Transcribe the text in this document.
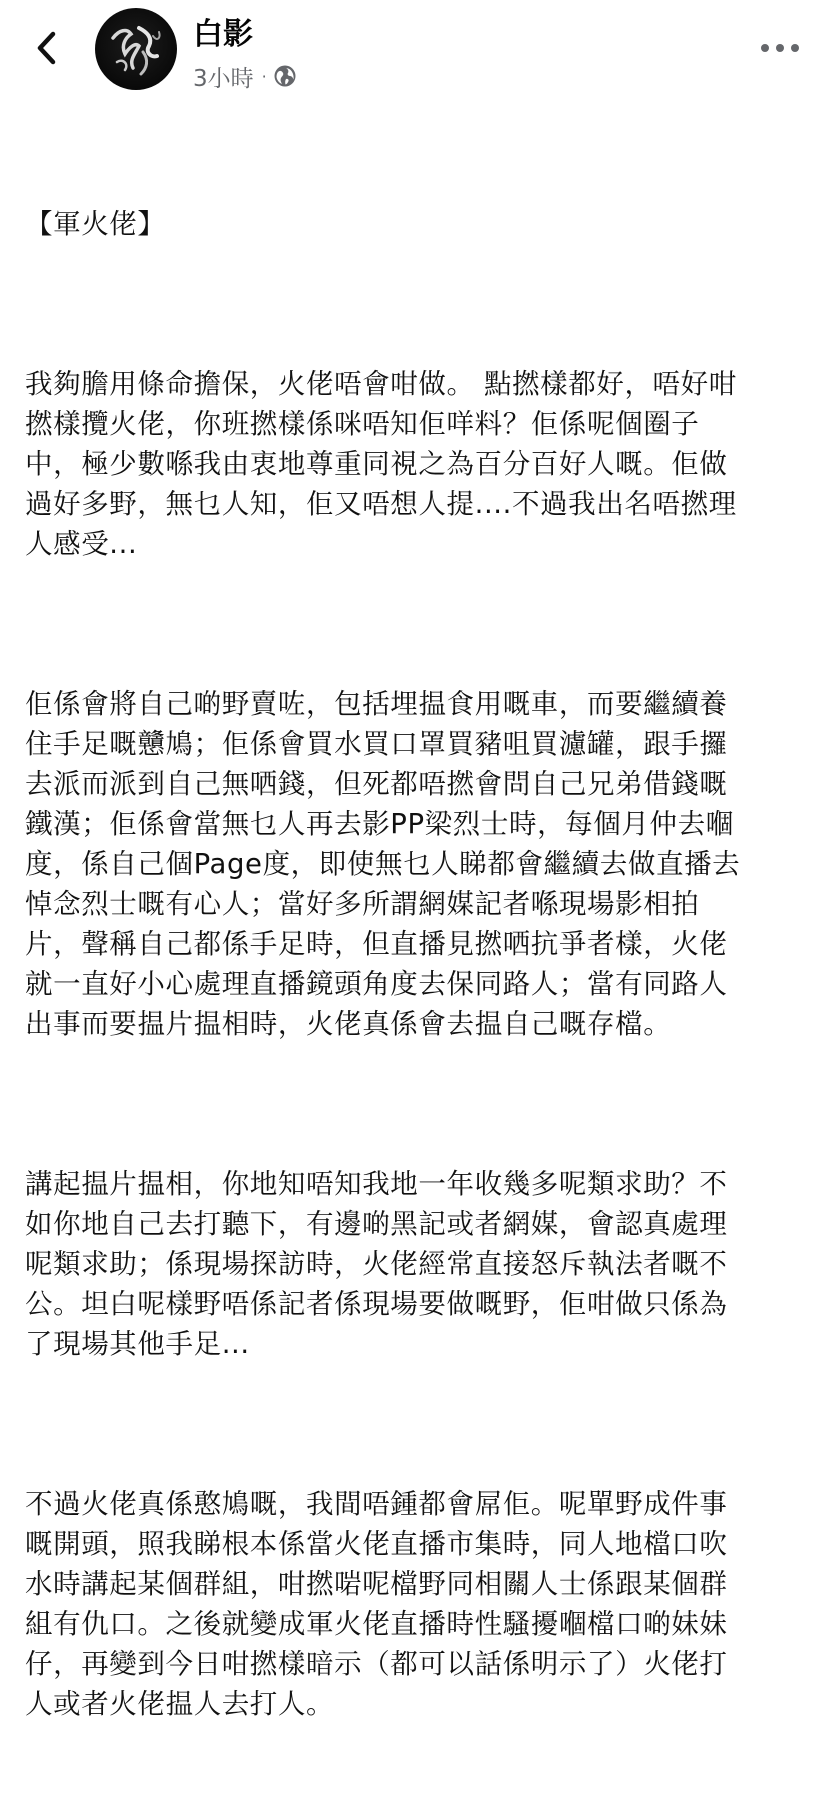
白影
3小時 ·

【軍火佬】

我夠膽用條命擔保，火佬唔會咁做。 點撚樣都好，唔好咁
撚樣攬火佬，你班撚樣係咪唔知佢咩料？佢係呢個圈子
中，極少數喺我由衷地尊重同視之為百分百好人嘅。佢做
過好多野，無乜人知，佢又唔想人提....不過我出名唔撚理
人感受...

佢係會將自己啲野賣咗，包括埋揾食用嘅車，而要繼續養
住手足嘅戇鳩；佢係會買水買口罩買豬咀買濾罐，跟手攞
去派而派到自己無哂錢，但死都唔撚會問自己兄弟借錢嘅
鐵漢；佢係會當無乜人再去影PP梁烈士時，每個月仲去嗰
度，係自己個Page度，即使無乜人睇都會繼續去做直播去
悼念烈士嘅有心人；當好多所謂網媒記者喺現場影相拍
片，聲稱自己都係手足時，但直播見撚哂抗爭者樣，火佬
就一直好小心處理直播鏡頭角度去保同路人；當有同路人
出事而要揾片揾相時，火佬真係會去揾自己嘅存檔。

講起揾片揾相，你地知唔知我地一年收幾多呢類求助？不
如你地自己去打聽下，有邊啲黑記或者網媒，會認真處理
呢類求助；係現場探訪時，火佬經常直接怒斥執法者嘅不
公。坦白呢樣野唔係記者係現場要做嘅野，佢咁做只係為
了現場其他手足...

不過火佬真係憨鳩嘅，我間唔鍾都會屌佢。呢單野成件事
嘅開頭，照我睇根本係當火佬直播市集時，同人地檔口吹
水時講起某個群組，咁撚啱呢檔野同相關人士係跟某個群
組有仇口。之後就變成軍火佬直播時性騷擾嗰檔口啲妹妹
仔，再變到今日咁撚樣暗示（都可以話係明示了）火佬打
人或者火佬揾人去打人。
